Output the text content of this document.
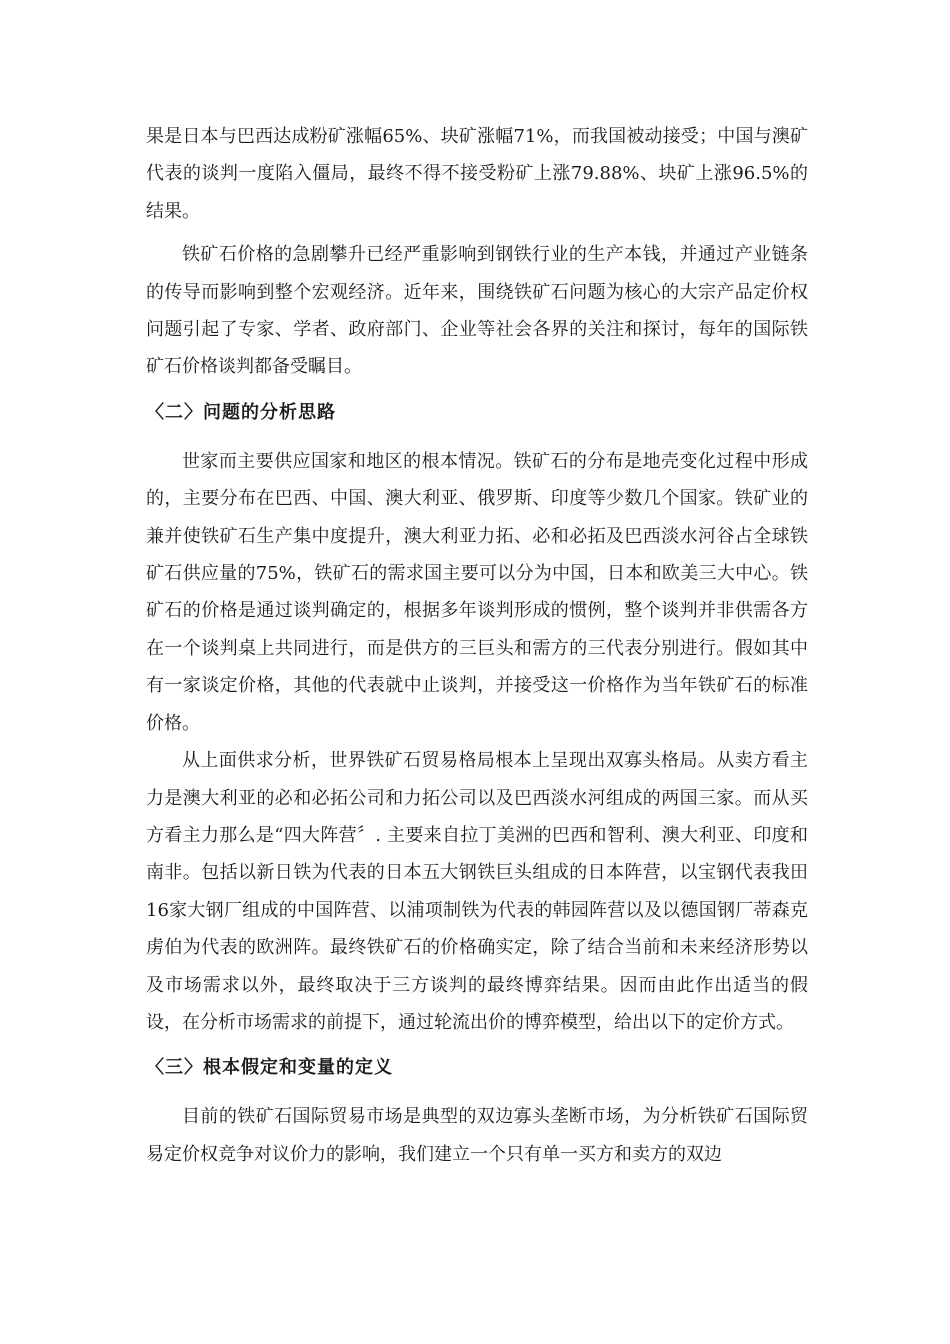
果是日本与巴西达成粉矿涨幅65%、块矿涨幅71%，而我国被动接受；中国与澳矿代表的谈判一度陷入僵局，最终不得不接受粉矿上涨79.88%、块矿上涨96.5%的结果。

铁矿石价格的急剧攀升已经严重影响到钢铁行业的生产本钱，并通过产业链条的传导而影响到整个宏观经济。近年来，围绕铁矿石问题为核心的大宗产品定价权问题引起了专家、学者、政府部门、企业等社会各界的关注和探讨，每年的国际铁矿石价格谈判都备受瞩目。

〈二〉问题的分析思路

世家而主要供应国家和地区的根本情况。铁矿石的分布是地壳变化过程中形成的，主要分布在巴西、中国、澳大利亚、俄罗斯、印度等少数几个国家。铁矿业的兼并使铁矿石生产集中度提升，澳大利亚力拓、必和必拓及巴西淡水河谷占全球铁矿石供应量的75%，铁矿石的需求国主要可以分为中国，日本和欧美三大中心。铁矿石的价格是通过谈判确定的，根据多年谈判形成的惯例，整个谈判并非供需各方在一个谈判桌上共同进行，而是供方的三巨头和需方的三代表分别进行。假如其中有一家谈定价格，其他的代表就中止谈判，并接受这一价格作为当年铁矿石的标准价格。

从上面供求分析，世界铁矿石贸易格局根本上呈现出双寡头格局。从卖方看主力是澳大利亚的必和必拓公司和力拓公司以及巴西淡水河组成的两国三家。而从买方看主力那么是“四大阵营〞. 主要来自拉丁美洲的巴西和智利、澳大利亚、印度和南非。包括以新日铁为代表的日本五大钢铁巨头组成的日本阵营，以宝钢代表我田16家大钢厂组成的中国阵营、以浦项制铁为代表的韩园阵营以及以德国钢厂蒂森克虏伯为代表的欧洲阵。最终铁矿石的价格确实定，除了结合当前和未来经济形势以及市场需求以外，最终取决于三方谈判的最终博弈结果。因而由此作出适当的假设，在分析市场需求的前提下，通过轮流出价的博弈模型，给出以下的定价方式。

〈三〉根本假定和变量的定义

目前的铁矿石国际贸易市场是典型的双边寡头垄断市场，为分析铁矿石国际贸易定价权竞争对议价力的影响，我们建立一个只有单一买方和卖方的双边
